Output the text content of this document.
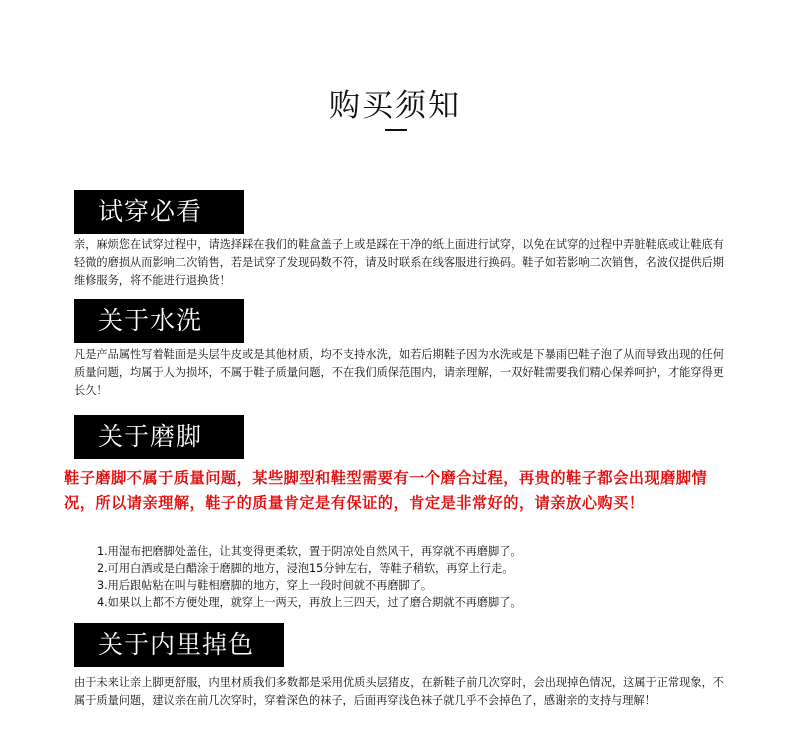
购买须知
试穿必看
亲，麻烦您在试穿过程中，请选择踩在我们的鞋盒盖子上或是踩在干净的纸上面进行试穿，以免在试穿的过程中弄脏鞋底或让鞋底有轻微的磨损从而影响二次销售，若是试穿了发现码数不符，请及时联系在线客服进行换码。鞋子如若影响二次销售，名波仅提供后期维修服务，将不能进行退换货！
关于水洗
凡是产品属性写着鞋面是头层牛皮或是其他材质，均不支持水洗，如若后期鞋子因为水洗或是下暴雨巴鞋子泡了从而导致出现的任何质量问题，均属于人为损坏，不属于鞋子质量问题，不在我们质保范围内，请亲理解，一双好鞋需要我们精心保养呵护，才能穿得更长久！
关于磨脚
鞋子磨脚不属于质量问题，某些脚型和鞋型需要有一个磨合过程，再贵的鞋子都会出现磨脚情况，所以请亲理解，鞋子的质量肯定是有保证的，肯定是非常好的，请亲放心购买！
1.用湿布把磨脚处盖住，让其变得更柔软，置于阴凉处自然风干，再穿就不再磨脚了。
2.可用白酒或是白醋涂于磨脚的地方，浸泡15分钟左右，等鞋子稍软，再穿上行走。
3.用后跟帖粘在叫与鞋相磨脚的地方，穿上一段时间就不再磨脚了。
4.如果以上都不方便处理，就穿上一两天，再放上三四天，过了磨合期就不再磨脚了。
关于内里掉色
由于未来让亲上脚更舒服，内里材质我们多数都是采用优质头层猪皮，在新鞋子前几次穿时，会出现掉色情况，这属于正常现象，不属于质量问题，建议亲在前几次穿时，穿着深色的袜子，后面再穿浅色袜子就几乎不会掉色了，感谢亲的支持与理解！
